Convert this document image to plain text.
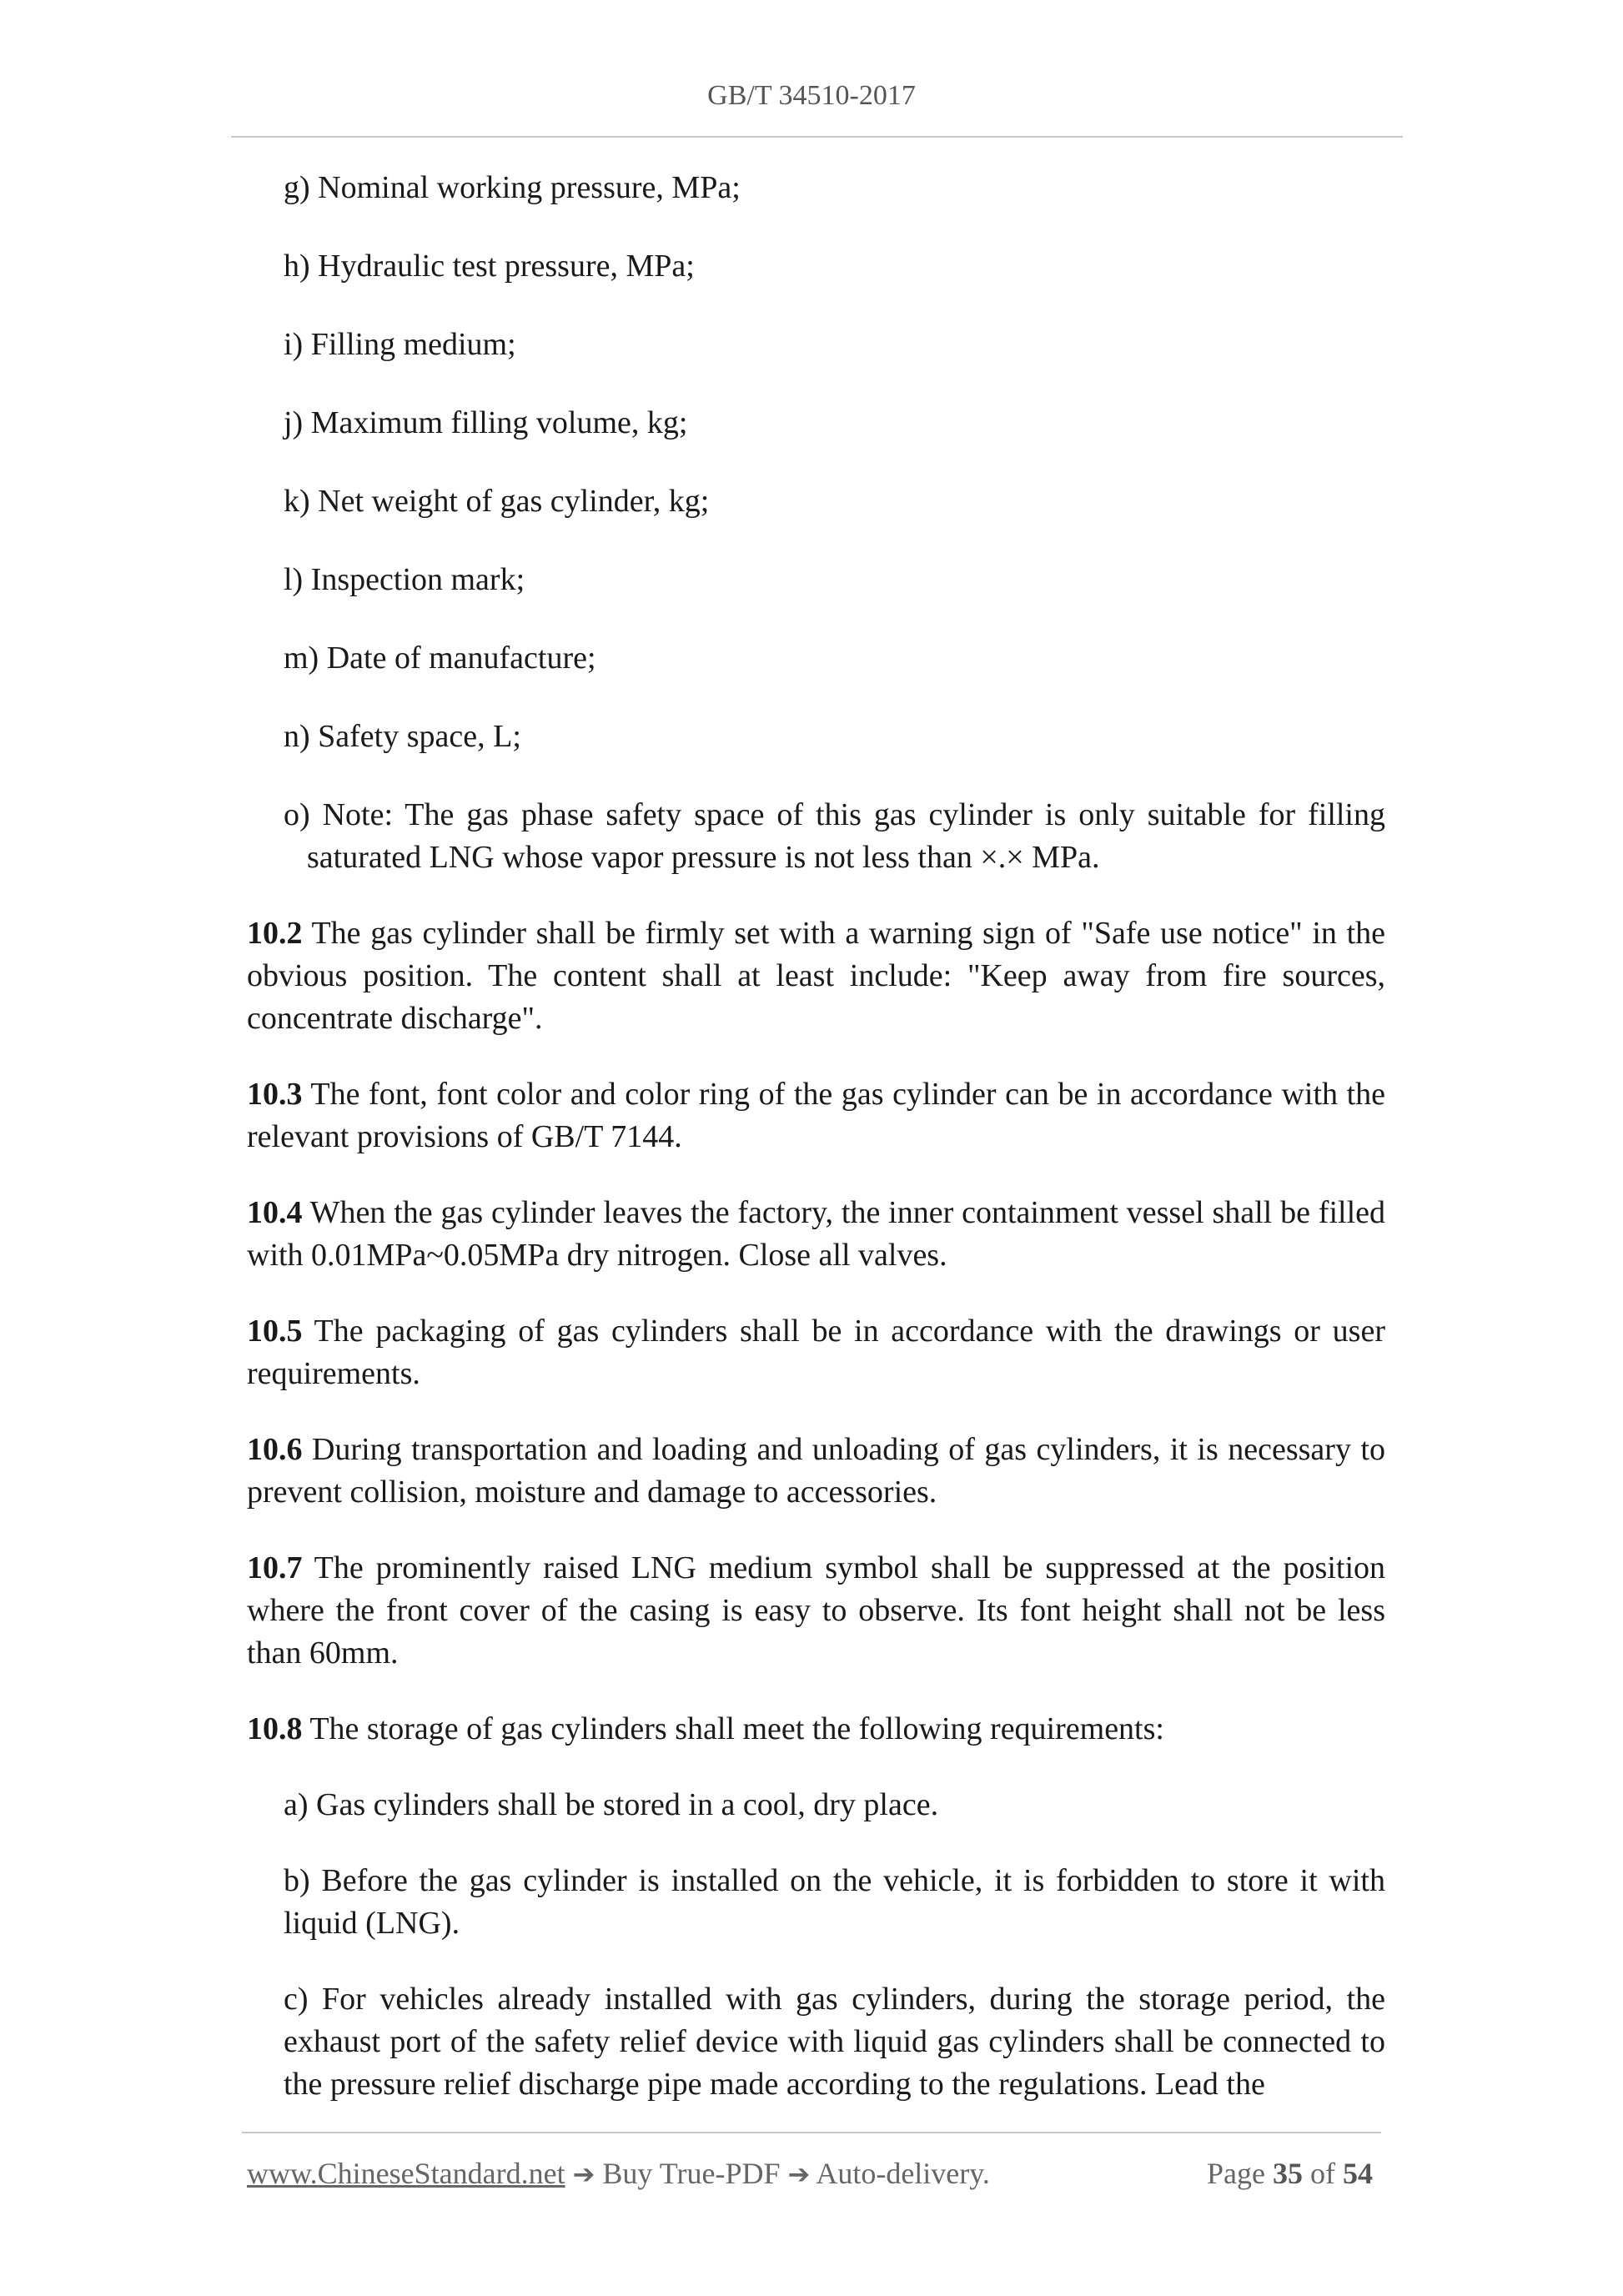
GB/T 34510-2017
g) Nominal working pressure, MPa;
h) Hydraulic test pressure, MPa;
i) Filling medium;
j) Maximum filling volume, kg;
k) Net weight of gas cylinder, kg;
l) Inspection mark;
m) Date of manufacture;
n) Safety space, L;
o) Note: The gas phase safety space of this gas cylinder is only suitable for filling saturated LNG whose vapor pressure is not less than ×.× MPa.
10.2 The gas cylinder shall be firmly set with a warning sign of "Safe use notice" in the obvious position. The content shall at least include: "Keep away from fire sources, concentrate discharge".
10.3 The font, font color and color ring of the gas cylinder can be in accordance with the relevant provisions of GB/T 7144.
10.4 When the gas cylinder leaves the factory, the inner containment vessel shall be filled with 0.01MPa~0.05MPa dry nitrogen. Close all valves.
10.5 The packaging of gas cylinders shall be in accordance with the drawings or user requirements.
10.6 During transportation and loading and unloading of gas cylinders, it is necessary to prevent collision, moisture and damage to accessories.
10.7 The prominently raised LNG medium symbol shall be suppressed at the position where the front cover of the casing is easy to observe. Its font height shall not be less than 60mm.
10.8 The storage of gas cylinders shall meet the following requirements:
a) Gas cylinders shall be stored in a cool, dry place.
b) Before the gas cylinder is installed on the vehicle, it is forbidden to store it with liquid (LNG).
c) For vehicles already installed with gas cylinders, during the storage period, the exhaust port of the safety relief device with liquid gas cylinders shall be connected to the pressure relief discharge pipe made according to the regulations. Lead the
www.ChineseStandard.net ➔ Buy True-PDF ➔ Auto-delivery.	Page 35 of 54
